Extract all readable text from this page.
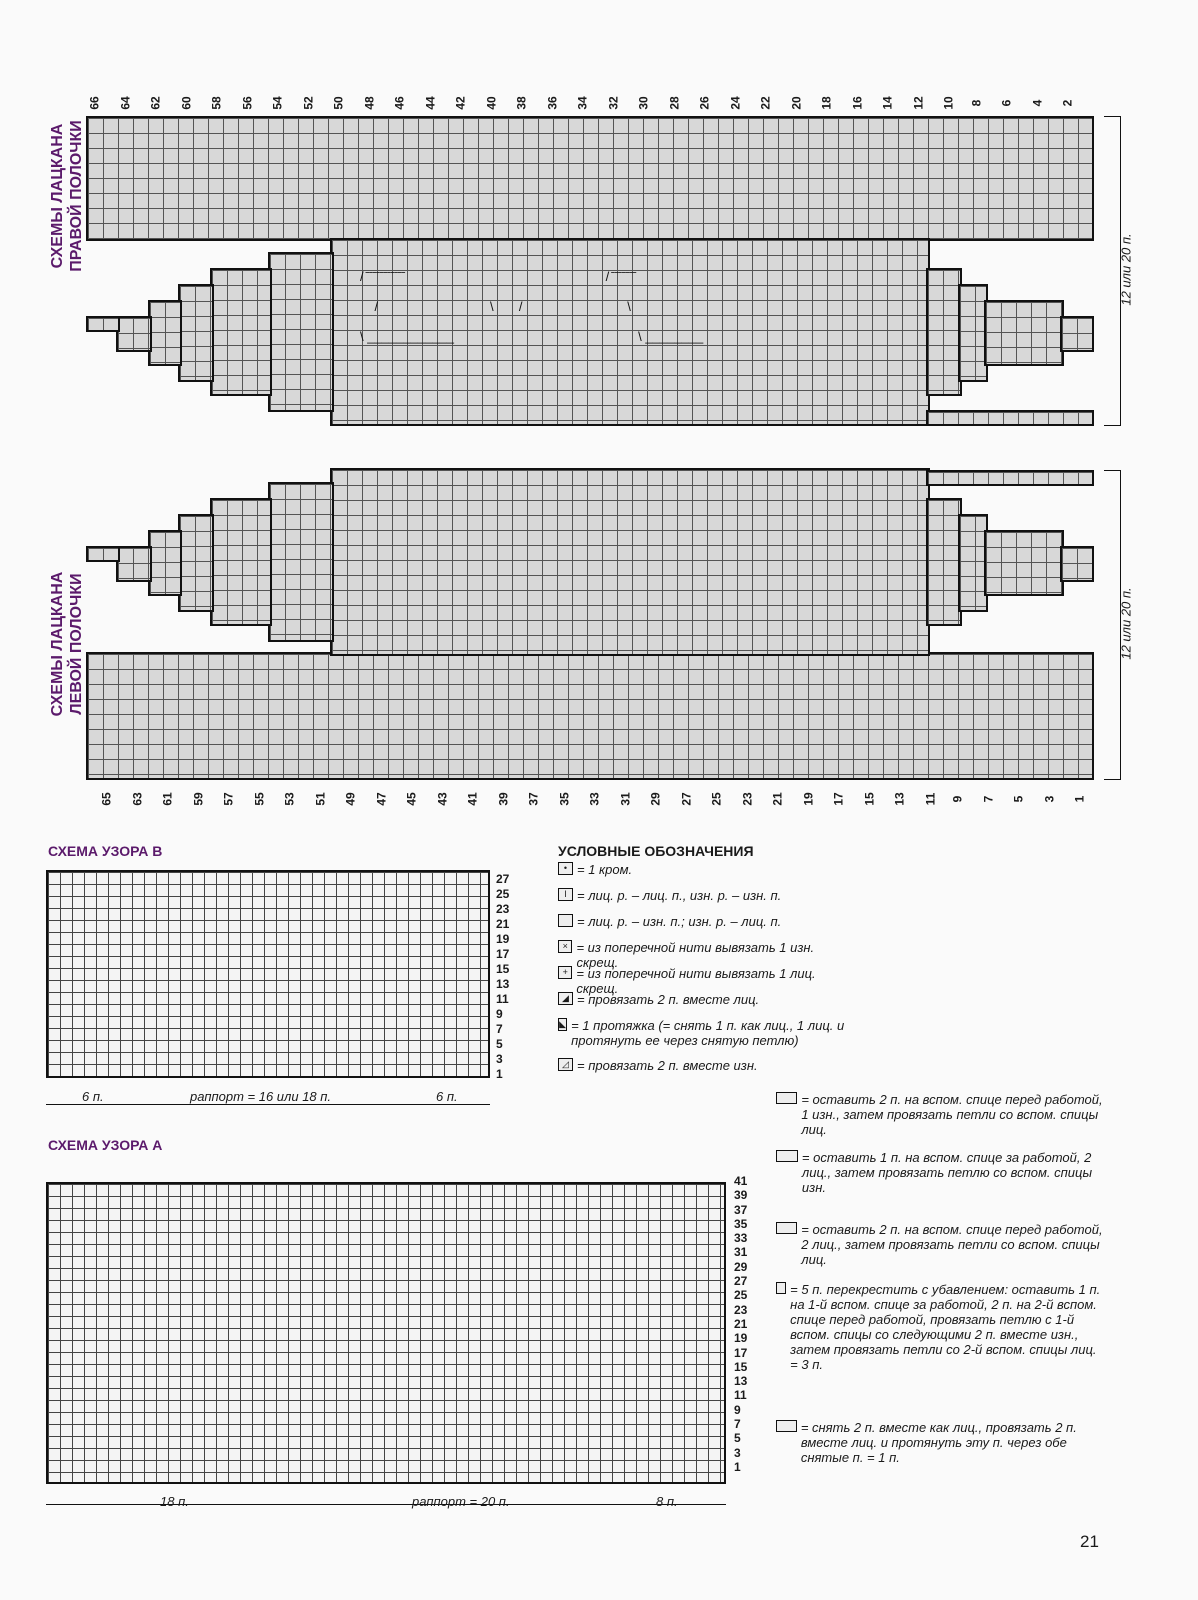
66 64 62 60 58 56 54 52 50 48 46 44 42 40 38 36 34 32 30 28 26 24 22 20 18 16 14 12 10 8 6 4 2
СХЕМЫ ЛАЦКАНА ПРАВОЙ ПОЛОЧКИ
/ ̄ ̄ ̄ ̄ ̄ ̄ ̄ ̄ ̄ ̄ ̄                                                        / ̄ ̄ ̄ ̄ ̄ ̄ ̄
/                               \       /                             \
\ ____________                                                   \ ________
12 или 20 п.
СХЕМЫ ЛАЦКАНА ЛЕВОЙ ПОЛОЧКИ	12 или 20 п.
65 63 61 59 57 55 53 51 49 47 45 43 41 39 37 35 33 31 29 27 25 23 21 19 17 15 13 11 9 7 5 3 1
СХЕМА УЗОРА В
27
25
23
21
19
17
15
13
11
9
7
5
3
1
6 п.	раппорт = 16 или 18 п.	6 п.
СХЕМА УЗОРА А
41
39
37
35
33
31
29
27
25
23
21
19
17
15
13
11
9
7
5
3
1
18 п.	раппорт = 20 п.	8 п.
УСЛОВНЫЕ ОБОЗНАЧЕНИЯ
• = 1 кром.
I = лиц. р. – лиц. п., изн. р. – изн. п.
= лиц. р. – изн. п.; изн. р. – лиц. п.
× = из поперечной нити вывязать 1 изн. скрещ.
+ = из поперечной нити вывязать 1 лиц. скрещ.
◢ = провязать 2 п. вместе лиц.
◣ = 1 протяжка (= снять 1 п. как лиц., 1 лиц. и протянуть ее через снятую петлю)
◿ = провязать 2 п. вместе изн.
= оставить 2 п. на вспом. спице перед работой, 1 изн., затем провязать петли со вспом. спицы лиц.
= оставить 1 п. на вспом. спице за работой, 2 лиц., затем провязать петлю со вспом. спицы изн.
= оставить 2 п. на вспом. спице перед работой, 2 лиц., затем провязать петли со вспом. спицы лиц.
= 5 п. перекрестить с убавлением: оставить 1 п. на 1-й вспом. спице за работой, 2 п. на 2-й вспом. спице перед работой, провязать петлю с 1-й вспом. спицы со следующими 2 п. вместе изн., затем провязать петли со 2-й вспом. спицы лиц. = 3 п.
= снять 2 п. вместе как лиц., провязать 2 п. вместе лиц. и протянуть эту п. через обе снятые п. = 1 п.
21
